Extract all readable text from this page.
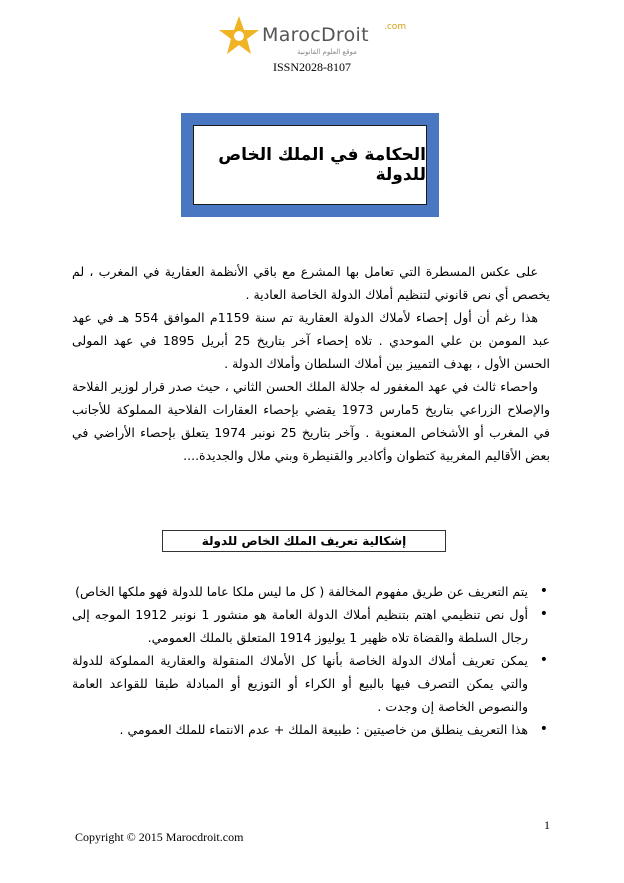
MarocDroit .com
موقع العلوم القانونية
ISSN2028-8107
الحكامة في الملك الخاص للدولة

على عكس المسطرة التي تعامل بها المشرع مع باقي الأنظمة العقارية في المغرب ، لم يخصص أي نص قانوني لتنظيم أملاك الدولة الخاصة العادية .

هذا رغم أن أول إحصاء لأملاك الدولة العقارية تم سنة 1159م الموافق 554 هـ في عهد عبد المومن بن علي الموحدي . تلاه إحصاء آخر بتاريخ 25 أبريل 1895 في عهد المولى الحسن الأول ، بهدف التمييز بين أملاك السلطان وأملاك الدولة .

واحصاء ثالث في عهد المغفور له جلالة الملك الحسن الثاني ، حيث صدر قرار لوزير الفلاحة والإصلاح الزراعي بتاريخ 5مارس 1973 يقضي بإحصاء العقارات الفلاحية المملوكة للأجانب في المغرب أو الأشخاص المعنوية . وآخر بتاريخ 25 نونبر 1974 يتعلق بإحصاء الأراضي في بعض الأقاليم المغربية كتطوان وأكادير والقنيطرة وبني ملال والجديدة....

إشكالية تعريف الملك الخاص للدولة
• يتم التعريف عن طريق مفهوم المخالفة ( كل ما ليس ملكا عاما للدولة فهو ملكها الخاص)
• أول نص تنظيمي اهتم بتنظيم أملاك الدولة العامة هو منشور 1 نونبر 1912 الموجه إلى رجال السلطة والقضاة تلاه ظهير 1 يوليوز 1914 المتعلق بالملك العمومي.
• يمكن تعريف أملاك الدولة الخاصة بأنها كل الأملاك المنقولة والعقارية المملوكة للدولة والتي يمكن التصرف فيها بالبيع أو الكراء أو التوزيع أو المبادلة طبقا للقواعد العامة والنصوص الخاصة إن وجدت .
• هذا التعريف ينطلق من خاصيتين : طبيعة الملك + عدم الانتماء للملك العمومي .
1
Copyright © 2015 Marocdroit.com
